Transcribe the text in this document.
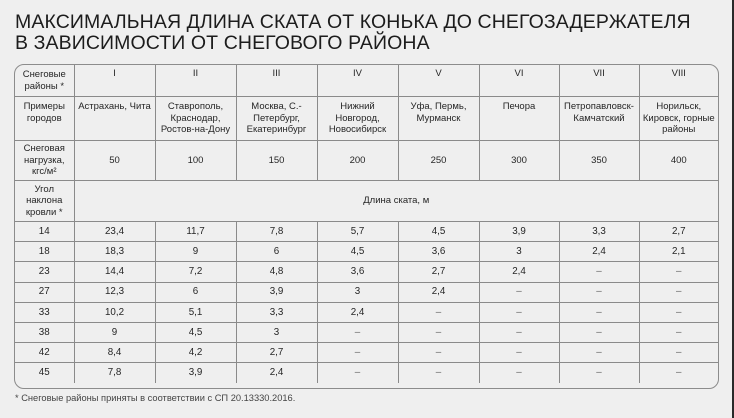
МАКСИМАЛЬНАЯ ДЛИНА СКАТА ОТ КОНЬКА ДО СНЕГОЗАДЕРЖАТЕЛЯ
В ЗАВИСИМОСТИ ОТ СНЕГОВОГО РАЙОНА
Снеговые районы *	I	II	III	IV	V	VI	VII	VIII
Примеры городов	Астрахань, Чита	Ставрополь, Краснодар, Ростов-на-Дону	Москва, С.-Петербург, Екатеринбург	Нижний Новгород, Новосибирск	Уфа, Пермь, Мурманск	Печора	Петропавловск-Камчатский	Норильск, Кировск, горные районы
Снеговая нагрузка, кгс/м²	50	100	150	200	250	300	350	400
Угол наклона кровли *	Длина ската, м							
14	23,4	11,7	7,8	5,7	4,5	3,9	3,3	2,7
18	18,3	9	6	4,5	3,6	3	2,4	2,1
23	14,4	7,2	4,8	3,6	2,7	2,4	–	–
27	12,3	6	3,9	3	2,4	–	–	–
33	10,2	5,1	3,3	2,4	–	–	–	–
38	9	4,5	3	–	–	–	–	–
42	8,4	4,2	2,7	–	–	–	–	–
45	7,8	3,9	2,4	–	–	–	–	–
* Снеговые районы приняты в соответствии с СП 20.13330.2016.
